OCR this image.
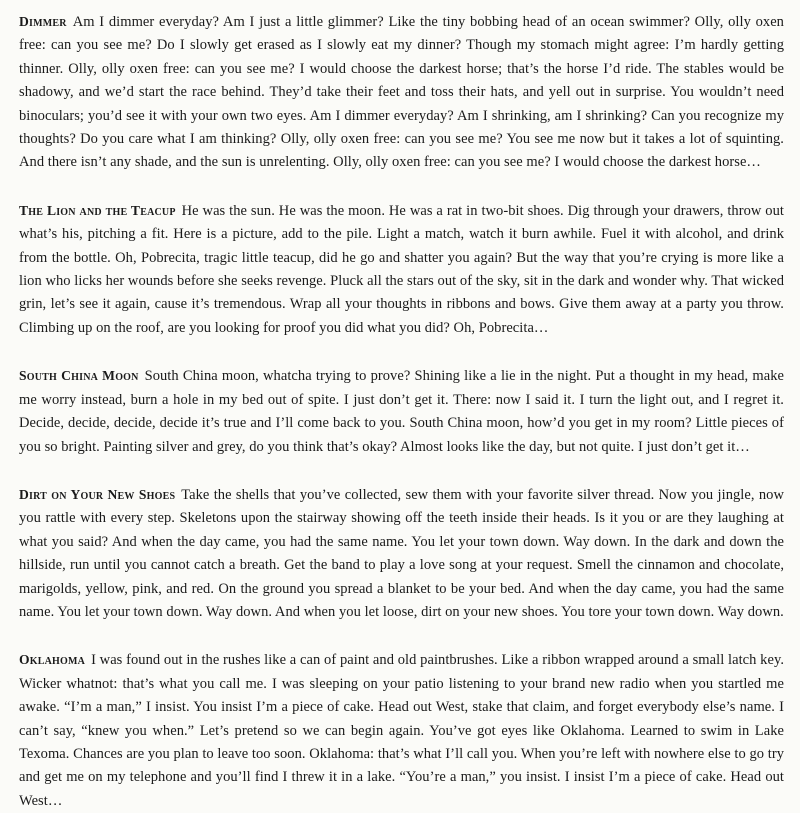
Dimmer Am I dimmer everyday? Am I just a little glimmer? Like the tiny bobbing head of an ocean swimmer? Olly, olly oxen free: can you see me? Do I slowly get erased as I slowly eat my dinner? Though my stomach might agree: I’m hardly getting thinner. Olly, olly oxen free: can you see me? I would choose the darkest horse; that’s the horse I’d ride. The stables would be shadowy, and we’d start the race behind. They’d take their feet and toss their hats, and yell out in surprise. You wouldn’t need binoculars; you’d see it with your own two eyes. Am I dimmer everyday? Am I shrinking, am I shrinking? Can you recognize my thoughts? Do you care what I am thinking? Olly, olly oxen free: can you see me? You see me now but it takes a lot of squinting. And there isn’t any shade, and the sun is unrelenting. Olly, olly oxen free: can you see me? I would choose the darkest horse…

The Lion and the Teacup He was the sun. He was the moon. He was a rat in two-bit shoes. Dig through your drawers, throw out what’s his, pitching a fit. Here is a picture, add to the pile. Light a match, watch it burn awhile. Fuel it with alcohol, and drink from the bottle. Oh, Pobrecita, tragic little teacup, did he go and shatter you again? But the way that you’re crying is more like a lion who licks her wounds before she seeks revenge. Pluck all the stars out of the sky, sit in the dark and wonder why. That wicked grin, let’s see it again, cause it’s tremendous. Wrap all your thoughts in ribbons and bows. Give them away at a party you throw. Climbing up on the roof, are you looking for proof you did what you did? Oh, Pobrecita…

South China Moon South China moon, whatcha trying to prove? Shining like a lie in the night. Put a thought in my head, make me worry instead, burn a hole in my bed out of spite. I just don’t get it. There: now I said it. I turn the light out, and I regret it. Decide, decide, decide, decide it’s true and I’ll come back to you. South China moon, how’d you get in my room? Little pieces of you so bright. Painting silver and grey, do you think that’s okay? Almost looks like the day, but not quite. I just don’t get it…

Dirt on Your New Shoes Take the shells that you’ve collected, sew them with your favorite silver thread. Now you jingle, now you rattle with every step. Skeletons upon the stairway showing off the teeth inside their heads. Is it you or are they laughing at what you said? And when the day came, you had the same name. You let your town down. Way down. In the dark and down the hillside, run until you cannot catch a breath. Get the band to play a love song at your request. Smell the cinnamon and chocolate, marigolds, yellow, pink, and red. On the ground you spread a blanket to be your bed. And when the day came, you had the same name. You let your town down. Way down. And when you let loose, dirt on your new shoes. You tore your town down. Way down.

Oklahoma I was found out in the rushes like a can of paint and old paintbrushes. Like a ribbon wrapped around a small latch key. Wicker whatnot: that’s what you call me. I was sleeping on your patio listening to your brand new radio when you startled me awake. “I’m a man,” I insist. You insist I’m a piece of cake. Head out West, stake that claim, and forget everybody else’s name. I can’t say, “knew you when.” Let’s pretend so we can begin again. You’ve got eyes like Oklahoma. Learned to swim in Lake Texoma. Chances are you plan to leave too soon. Oklahoma: that’s what I’ll call you. When you’re left with nowhere else to go try and get me on my telephone and you’ll find I threw it in a lake. “You’re a man,” you insist. I insist I’m a piece of cake. Head out West…
